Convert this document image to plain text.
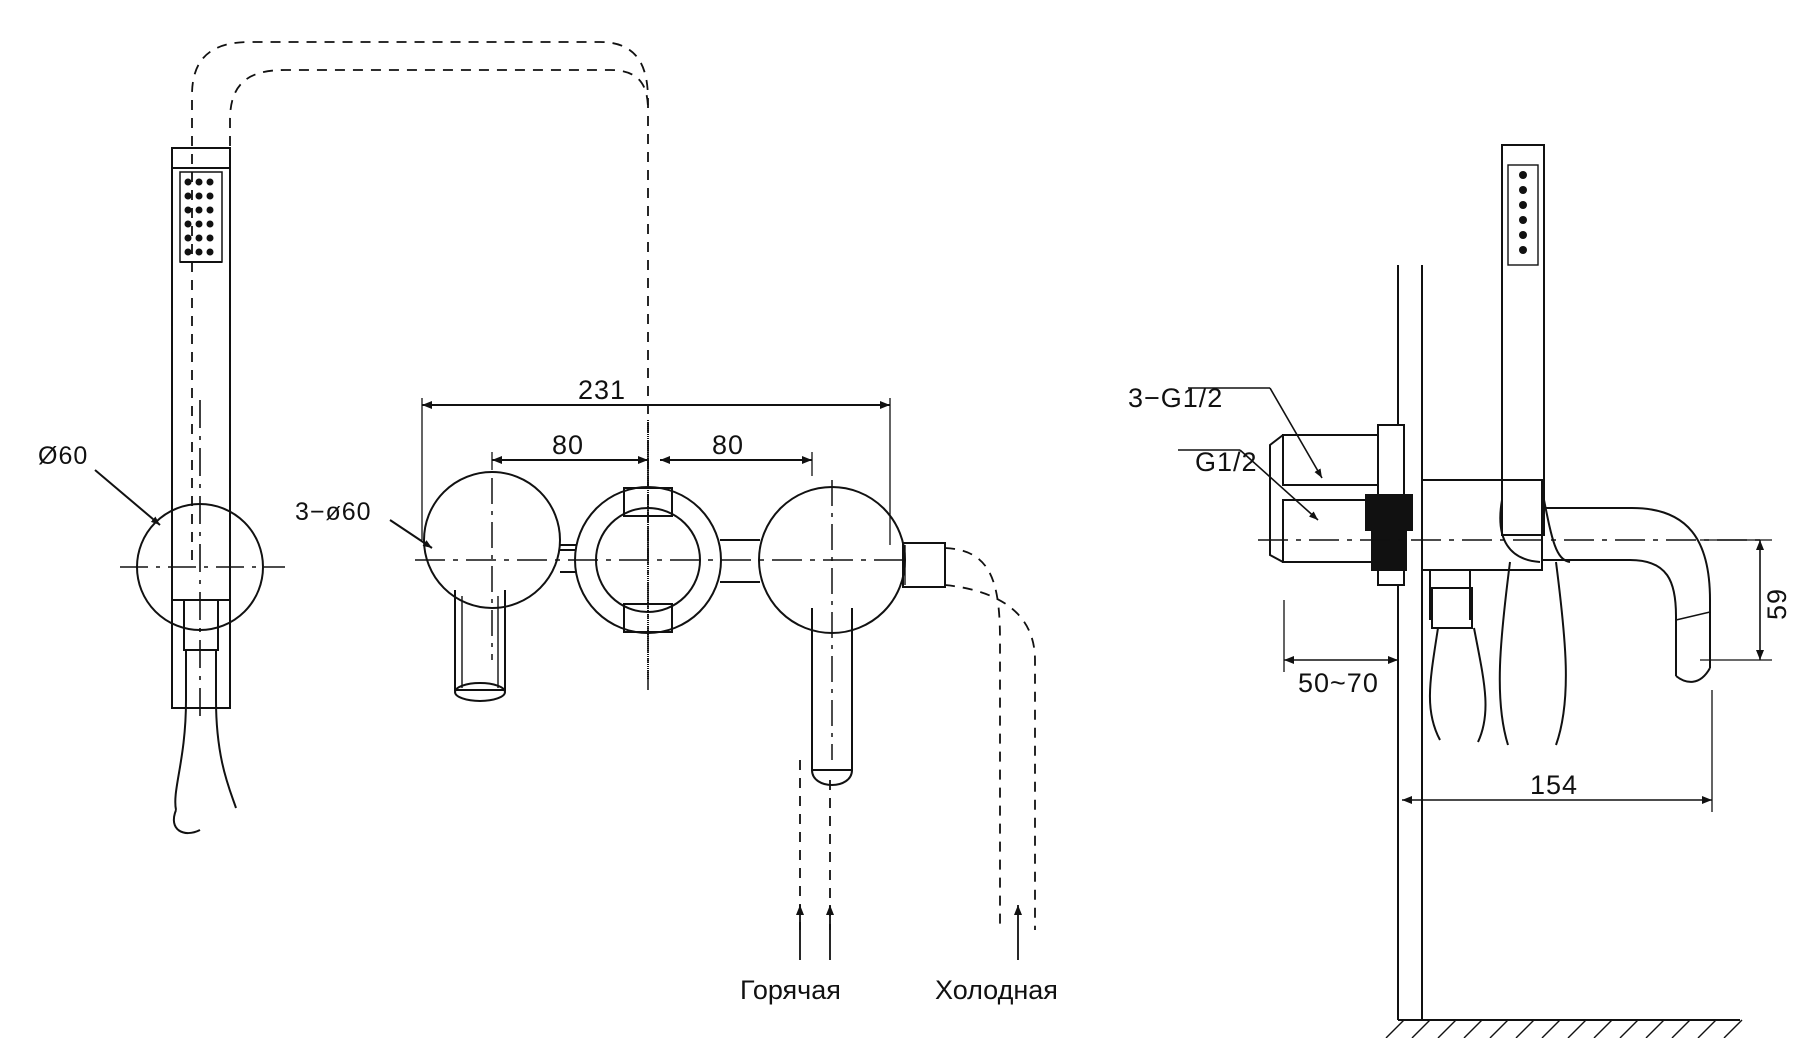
Ø60
3−ø60
231
80	80
3−G1/2
G1/2
50~70
154
59
Горячая	Холодная
